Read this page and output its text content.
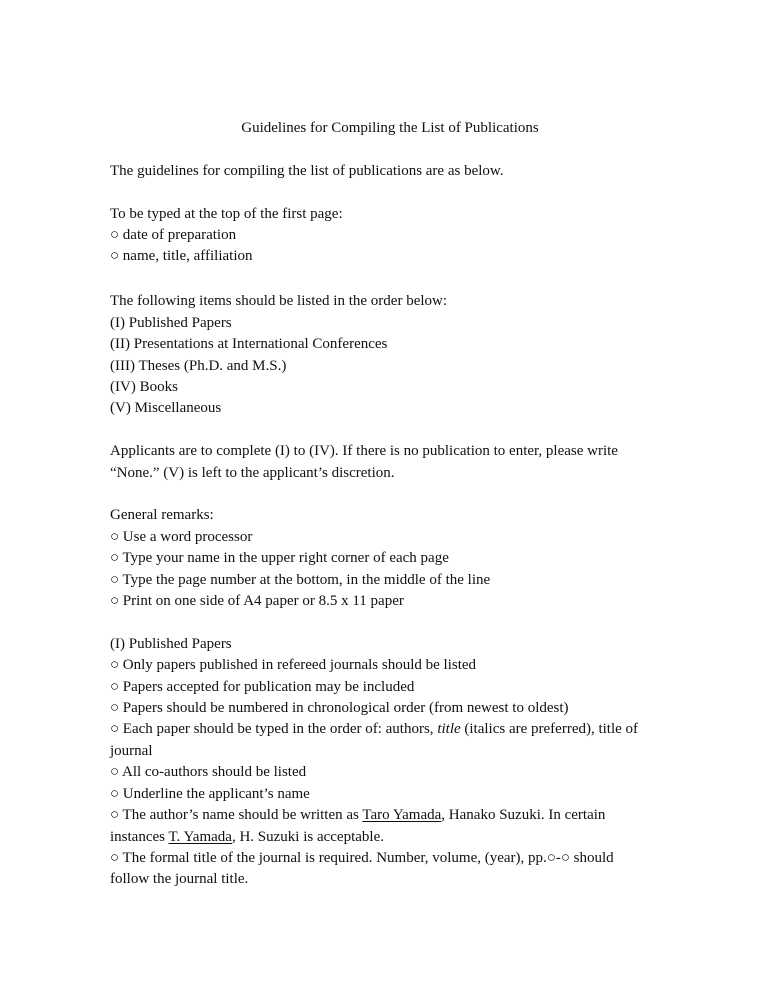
Guidelines for Compiling the List of Publications
The guidelines for compiling the list of publications are as below.
To be typed at the top of the first page:
○ date of preparation
○ name, title, affiliation
The following items should be listed in the order below:
(I) Published Papers
(II) Presentations at International Conferences
(III) Theses (Ph.D. and M.S.)
(IV) Books
(V) Miscellaneous
Applicants are to complete (I) to (IV). If there is no publication to enter, please write
“None.” (V) is left to the applicant’s discretion.
General remarks:
○ Use a word processor
○ Type your name in the upper right corner of each page
○ Type the page number at the bottom, in the middle of the line
○ Print on one side of A4 paper or 8.5 x 11 paper
(I) Published Papers
○ Only papers published in refereed journals should be listed
○ Papers accepted for publication may be included
○ Papers should be numbered in chronological order (from newest to oldest)
○ Each paper should be typed in the order of: authors, title (italics are preferred), title of
journal
○ All co-authors should be listed
○ Underline the applicant’s name
○ The author’s name should be written as Taro Yamada, Hanako Suzuki. In certain
instances T. Yamada, H. Suzuki is acceptable.
○ The formal title of the journal is required. Number, volume, (year), pp.○-○ should
follow the journal title.
